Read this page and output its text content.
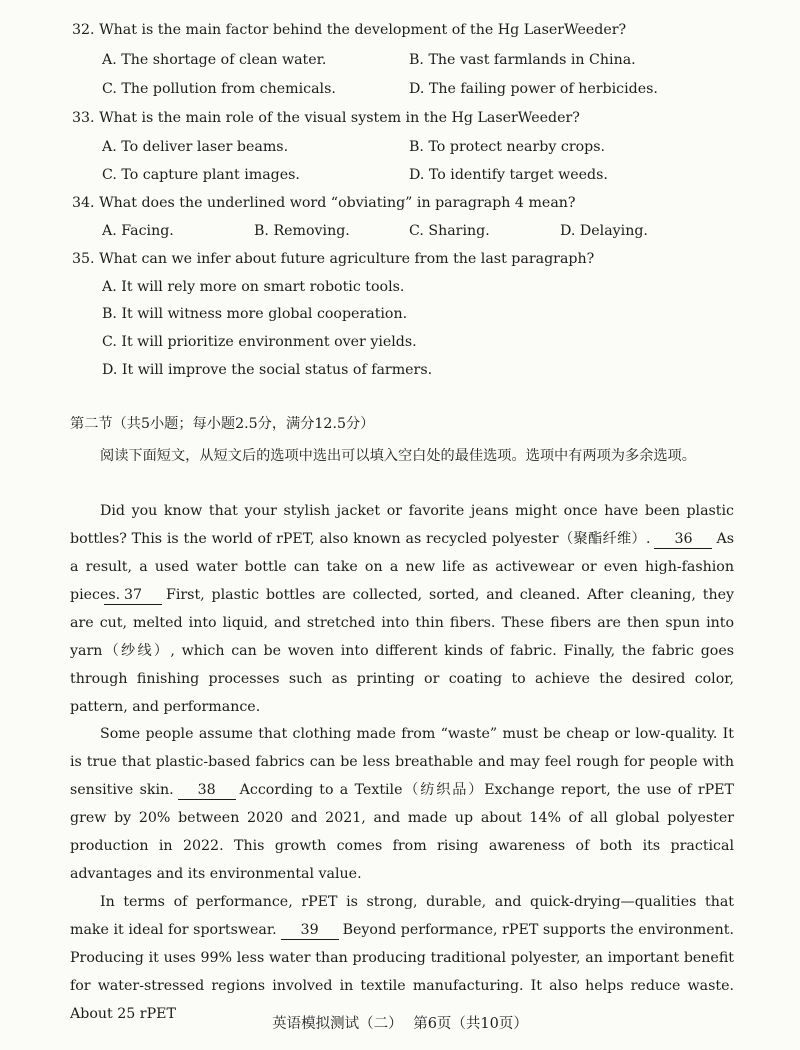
32. What is the main factor behind the development of the Hg LaserWeeder?
A. The shortage of clean water.	B. The vast farmlands in China.
C. The pollution from chemicals.	D. The failing power of herbicides.
33. What is the main role of the visual system in the Hg LaserWeeder?
A. To deliver laser beams.	B. To protect nearby crops.
C. To capture plant images.	D. To identify target weeds.
34. What does the underlined word “obviating” in paragraph 4 mean?
A. Facing.	B. Removing.	C. Sharing.	D. Delaying.
35. What can we infer about future agriculture from the last paragraph?
A. It will rely more on smart robotic tools.
B. It will witness more global cooperation.
C. It will prioritize environment over yields.
D. It will improve the social status of farmers.
第二节（共5小题；每小题2.5分，满分12.5分）
阅读下面短文，从短文后的选项中选出可以填入空白处的最佳选项。选项中有两项为多余选项。
Did you know that your stylish jacket or favorite jeans might once have been plastic bottles? This is the world of rPET, also known as recycled polyester（聚酯纤维）. 36 As a result, a used water bottle can take on a new life as activewear or even high-fashion pieces. 37 First, plastic bottles are collected, sorted, and cleaned. After cleaning, they are cut, melted into liquid, and stretched into thin fibers. These fibers are then spun into yarn（纱线）, which can be woven into different kinds of fabric. Finally, the fabric goes through finishing processes such as printing or coating to achieve the desired color, pattern, and performance.
Some people assume that clothing made from “waste” must be cheap or low-quality. It is true that plastic-based fabrics can be less breathable and may feel rough for people with sensitive skin. 38 According to a Textile（纺织品）Exchange report, the use of rPET grew by 20% between 2020 and 2021, and made up about 14% of all global polyester production in 2022. This growth comes from rising awareness of both its practical advantages and its environmental value.
In terms of performance, rPET is strong, durable, and quick-drying—qualities that make it ideal for sportswear. 39 Beyond performance, rPET supports the environment. Producing it uses 99% less water than producing traditional polyester, an important benefit for water-stressed regions involved in textile manufacturing. It also helps reduce waste. About 25 rPET
英语模拟测试（二） 第6页（共10页）
